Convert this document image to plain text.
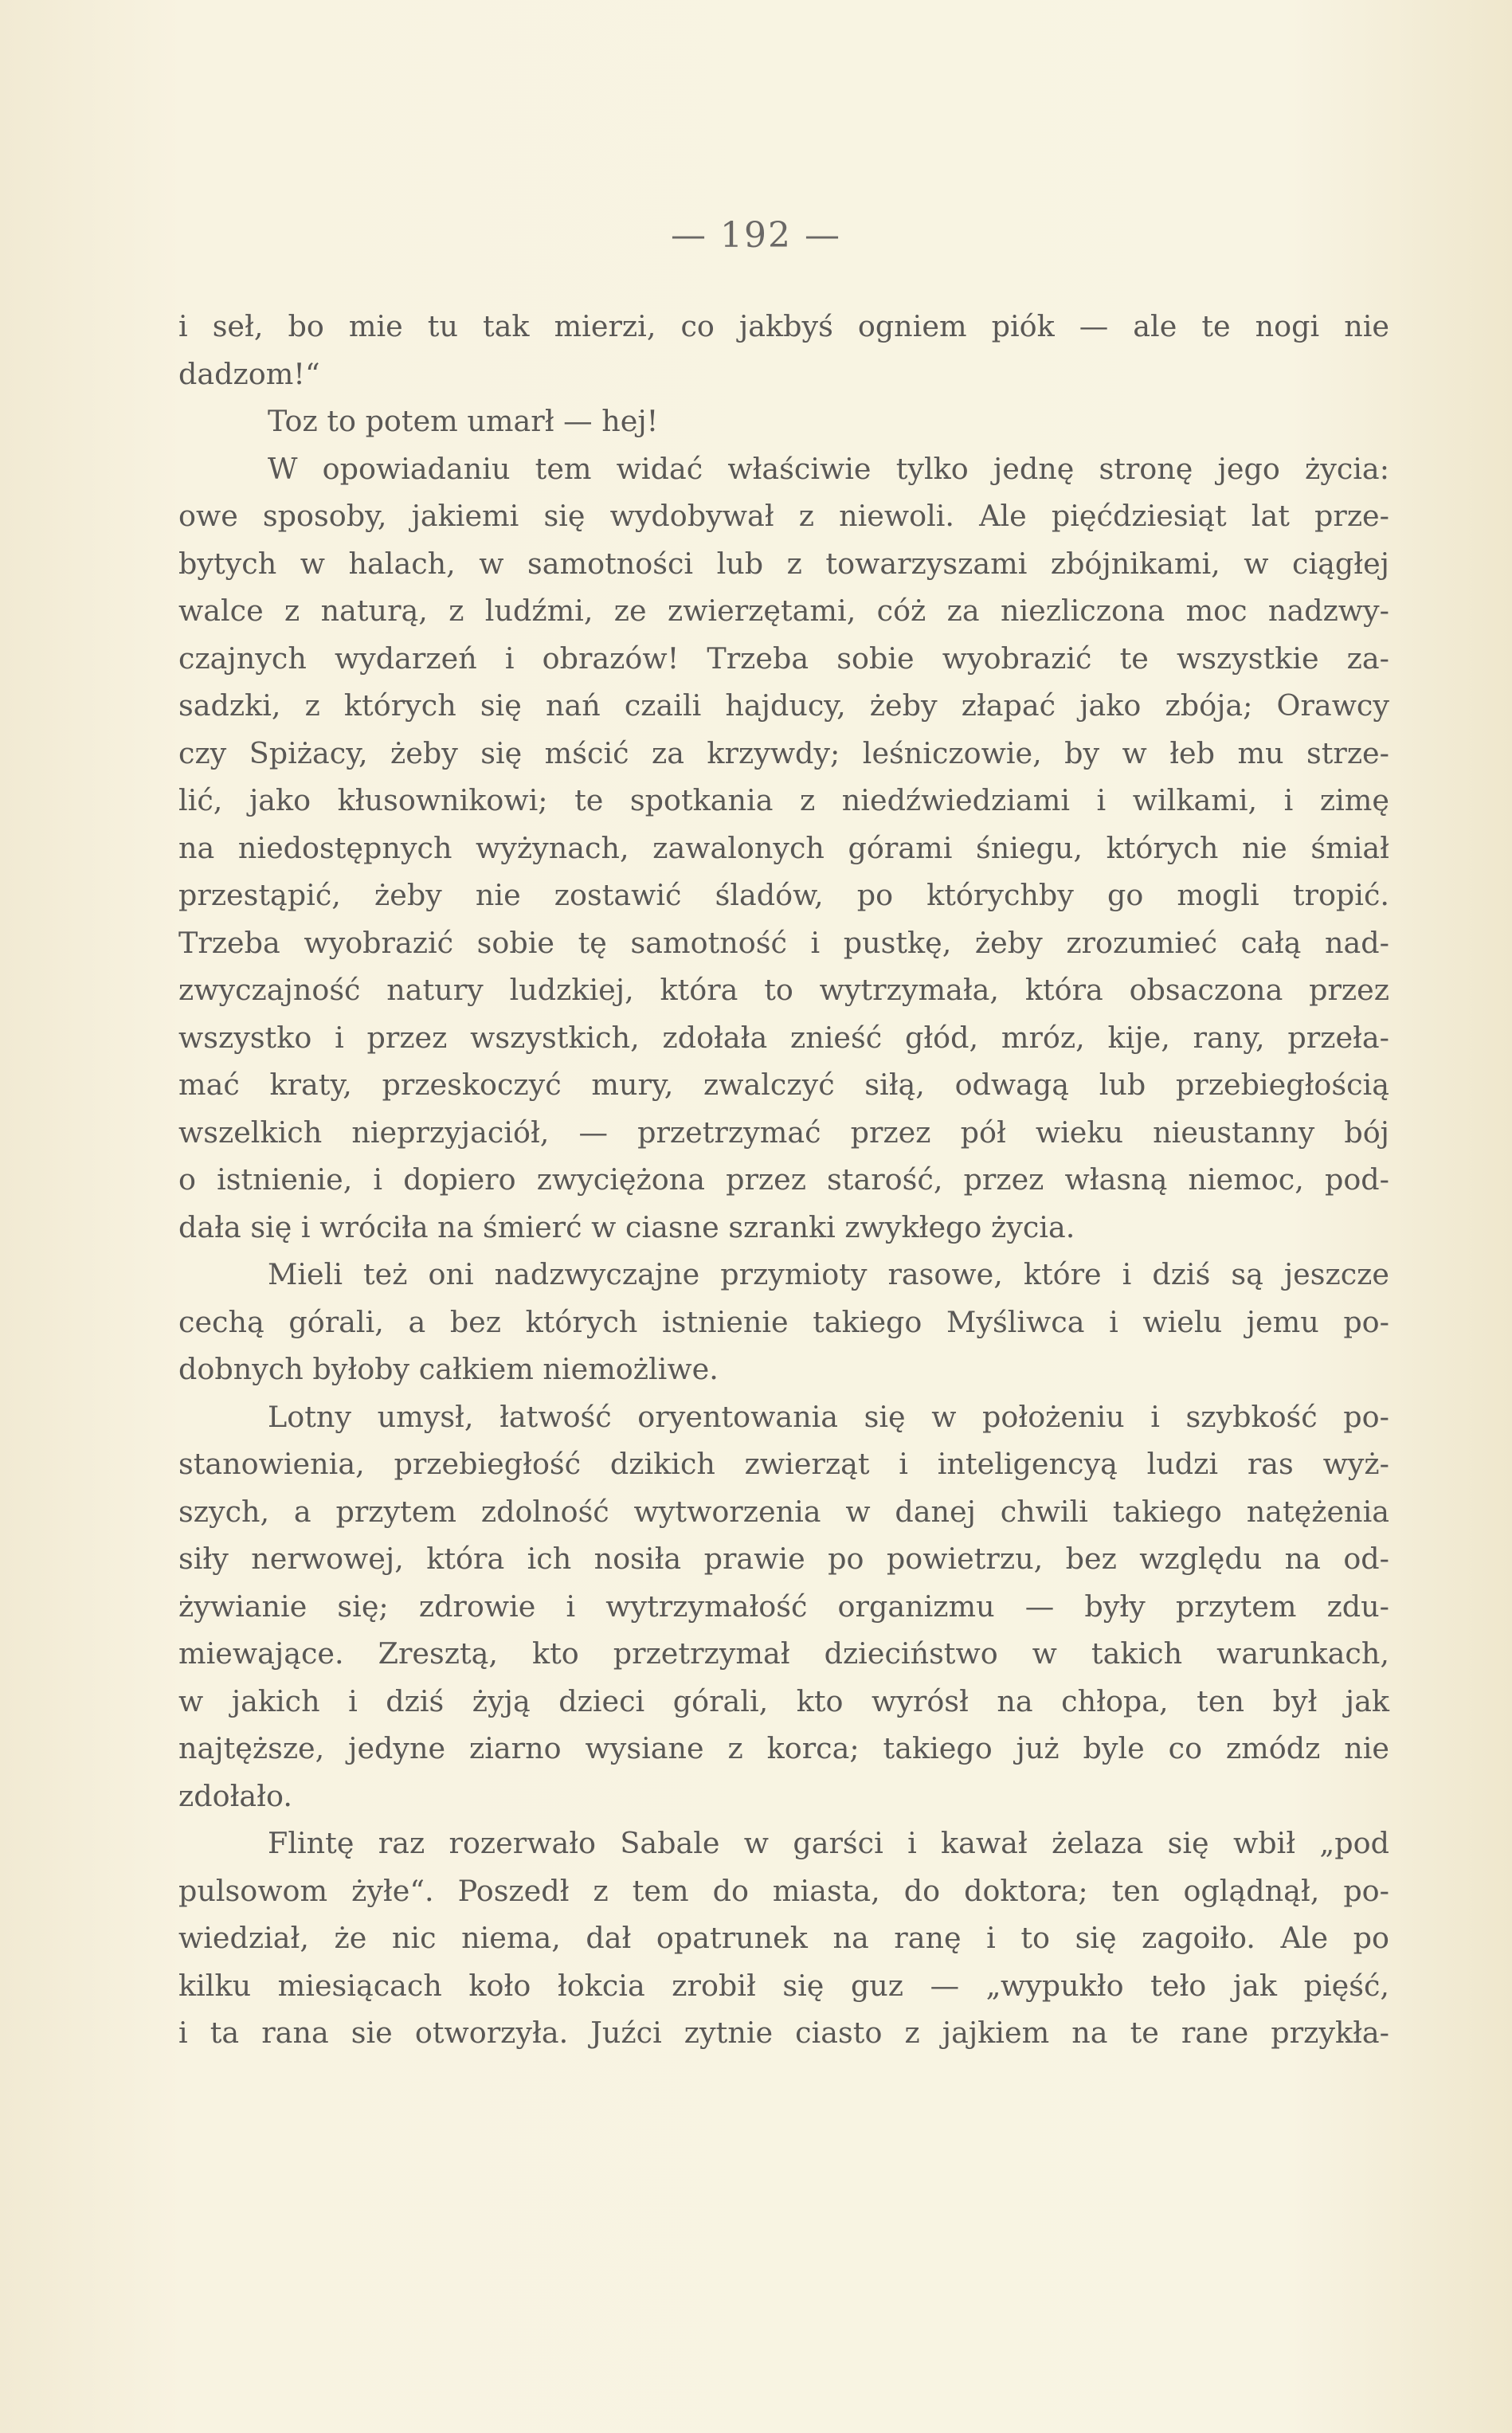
— 192 —
i seł, bo mie tu tak mierzi, co jakbyś ogniem piók — ale te nogi nie
dadzom!“
Toz to potem umarł — hej!
W opowiadaniu tem widać właściwie tylko jednę stronę jego życia:
owe sposoby, jakiemi się wydobywał z niewoli. Ale pięćdziesiąt lat prze-
bytych w halach, w samotności lub z towarzyszami zbójnikami, w ciągłej
walce z naturą, z ludźmi, ze zwierzętami, cóż za niezliczona moc nadzwy-
czajnych wydarzeń i obrazów! Trzeba sobie wyobrazić te wszystkie za-
sadzki, z których się nań czaili hajducy, żeby złapać jako zbója; Orawcy
czy Spiżacy, żeby się mścić za krzywdy; leśniczowie, by w łeb mu strze-
lić, jako kłusownikowi; te spotkania z niedźwiedziami i wilkami, i zimę
na niedostępnych wyżynach, zawalonych górami śniegu, których nie śmiał
przestąpić, żeby nie zostawić śladów, po którychby go mogli tropić.
Trzeba wyobrazić sobie tę samotność i pustkę, żeby zrozumieć całą nad-
zwyczajność natury ludzkiej, która to wytrzymała, która obsaczona przez
wszystko i przez wszystkich, zdołała znieść głód, mróz, kije, rany, przeła-
mać kraty, przeskoczyć mury, zwalczyć siłą, odwagą lub przebiegłością
wszelkich nieprzyjaciół, — przetrzymać przez pół wieku nieustanny bój
o istnienie, i dopiero zwyciężona przez starość, przez własną niemoc, pod-
dała się i wróciła na śmierć w ciasne szranki zwykłego życia.
Mieli też oni nadzwyczajne przymioty rasowe, które i dziś są jeszcze
cechą górali, a bez których istnienie takiego Myśliwca i wielu jemu po-
dobnych byłoby całkiem niemożliwe.
Lotny umysł, łatwość oryentowania się w położeniu i szybkość po-
stanowienia, przebiegłość dzikich zwierząt i inteligencyą ludzi ras wyż-
szych, a przytem zdolność wytworzenia w danej chwili takiego natężenia
siły nerwowej, która ich nosiła prawie po powietrzu, bez względu na od-
żywianie się; zdrowie i wytrzymałość organizmu — były przytem zdu-
miewające. Zresztą, kto przetrzymał dzieciństwo w takich warunkach,
w jakich i dziś żyją dzieci górali, kto wyrósł na chłopa, ten był jak
najtęższe, jedyne ziarno wysiane z korca; takiego już byle co zmódz nie
zdołało.
Flintę raz rozerwało Sabale w garści i kawał żelaza się wbił „pod
pulsowom żyłe“. Poszedł z tem do miasta, do doktora; ten oglądnął, po-
wiedział, że nic niema, dał opatrunek na ranę i to się zagoiło. Ale po
kilku miesiącach koło łokcia zrobił się guz — „wypukło teło jak pięść,
i ta rana sie otworzyła. Juźci zytnie ciasto z jajkiem na te rane przykła-
